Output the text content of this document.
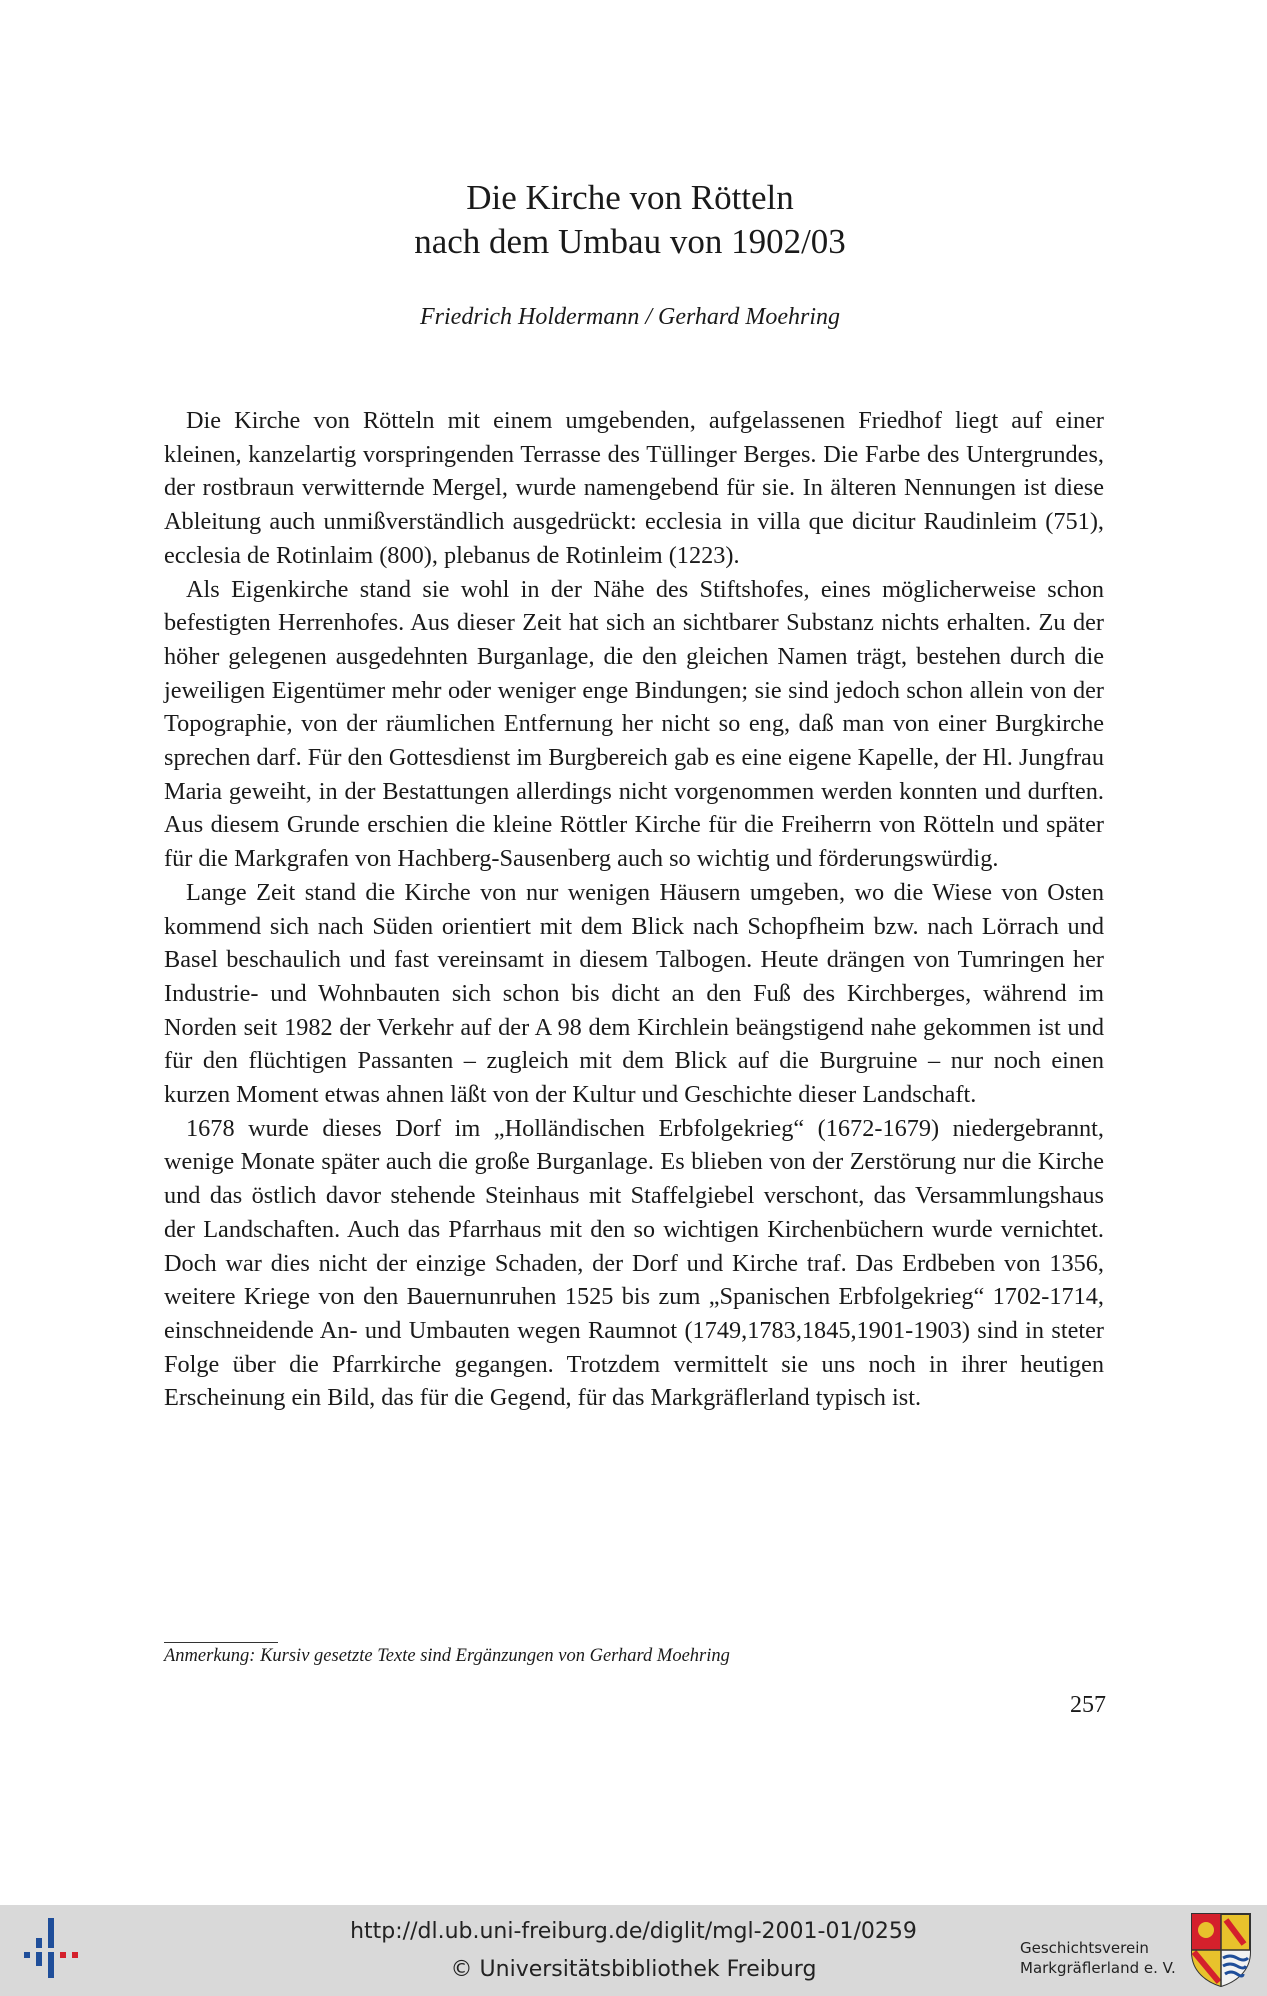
Die Kirche von Rötteln
nach dem Umbau von 1902/03
Friedrich Holdermann / Gerhard Moehring

Die Kirche von Rötteln mit einem umgebenden, aufgelassenen Friedhof liegt auf einer kleinen, kanzelartig vorspringenden Terrasse des Tüllinger Berges. Die Farbe des Untergrundes, der rostbraun verwitternde Mergel, wurde namengebend für sie. In älteren Nennungen ist diese Ableitung auch unmißverständlich ausgedrückt: ecclesia in villa que dicitur Raudinleim (751), ecclesia de Rotinlaim (800), plebanus de Rotinleim (1223).

Als Eigenkirche stand sie wohl in der Nähe des Stiftshofes, eines möglicherweise schon befestigten Herrenhofes. Aus dieser Zeit hat sich an sichtbarer Substanz nichts erhalten. Zu der höher gelegenen ausgedehnten Burganlage, die den gleichen Namen trägt, bestehen durch die jeweiligen Eigentümer mehr oder weniger enge Bindungen; sie sind jedoch schon allein von der Topographie, von der räumlichen Entfernung her nicht so eng, daß man von einer Burgkirche sprechen darf. Für den Gottesdienst im Burgbereich gab es eine eigene Kapelle, der Hl. Jungfrau Maria geweiht, in der Bestattungen allerdings nicht vorgenommen werden konnten und durften. Aus diesem Grunde erschien die kleine Röttler Kirche für die Freiherrn von Rötteln und später für die Markgrafen von Hachberg-Sausenberg auch so wichtig und förderungswürdig.

Lange Zeit stand die Kirche von nur wenigen Häusern umgeben, wo die Wiese von Osten kommend sich nach Süden orientiert mit dem Blick nach Schopfheim bzw. nach Lörrach und Basel beschaulich und fast vereinsamt in diesem Talbogen. Heute drängen von Tumringen her Industrie- und Wohnbauten sich schon bis dicht an den Fuß des Kirchberges, während im Norden seit 1982 der Verkehr auf der A 98 dem Kirchlein beängstigend nahe gekommen ist und für den flüchtigen Passanten – zugleich mit dem Blick auf die Burgruine – nur noch einen kurzen Moment etwas ahnen läßt von der Kultur und Geschichte dieser Landschaft.

1678 wurde dieses Dorf im „Holländischen Erbfolgekrieg“ (1672-1679) niedergebrannt, wenige Monate später auch die große Burganlage. Es blieben von der Zerstörung nur die Kirche und das östlich davor stehende Steinhaus mit Staffelgiebel verschont, das Versammlungshaus der Landschaften. Auch das Pfarrhaus mit den so wichtigen Kirchenbüchern wurde vernichtet. Doch war dies nicht der einzige Schaden, der Dorf und Kirche traf. Das Erdbeben von 1356, weitere Kriege von den Bauernunruhen 1525 bis zum „Spanischen Erbfolgekrieg“ 1702-1714, einschneidende An- und Umbauten wegen Raumnot (1749,1783,1845,1901-1903) sind in steter Folge über die Pfarrkirche gegangen. Trotzdem vermittelt sie uns noch in ihrer heutigen Erscheinung ein Bild, das für die Gegend, für das Markgräflerland typisch ist.

Anmerkung: Kursiv gesetzte Texte sind Ergänzungen von Gerhard Moehring
257
http://dl.ub.uni-freiburg.de/diglit/mgl-2001-01/0259
© Universitätsbibliothek Freiburg
Geschichtsverein
Markgräflerland e. V.
